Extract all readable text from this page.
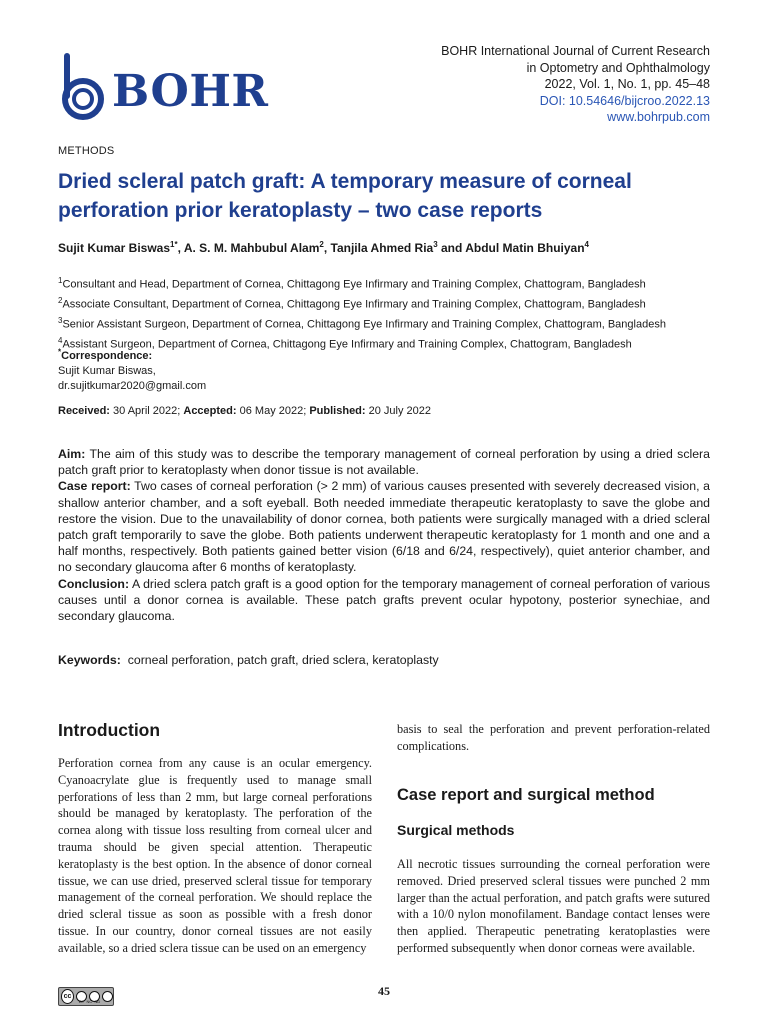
BOHR
BOHR International Journal of Current Research
in Optometry and Ophthalmology
2022, Vol. 1, No. 1, pp. 45–48
DOI: 10.54646/bijcroo.2022.13
www.bohrpub.com
METHODS
Dried scleral patch graft: A temporary measure of corneal perforation prior keratoplasty – two case reports
Sujit Kumar Biswas$^{1*}$, A. S. M. Mahbubul Alam$^2$, Tanjila Ahmed Ria$^3$ and Abdul Matin Bhuiyan$^4$
$^1$Consultant and Head, Department of Cornea, Chittagong Eye Infirmary and Training Complex, Chattogram, Bangladesh
$^2$Associate Consultant, Department of Cornea, Chittagong Eye Infirmary and Training Complex, Chattogram, Bangladesh
$^3$Senior Assistant Surgeon, Department of Cornea, Chittagong Eye Infirmary and Training Complex, Chattogram, Bangladesh
$^4$Assistant Surgeon, Department of Cornea, Chittagong Eye Infirmary and Training Complex, Chattogram, Bangladesh
*Correspondence:
Sujit Kumar Biswas,
dr.sujitkumar2020@gmail.com
Received: 30 April 2022; Accepted: 06 May 2022; Published: 20 July 2022

Aim: The aim of this study was to describe the temporary management of corneal perforation by using a dried sclera patch graft prior to keratoplasty when donor tissue is not available.

Case report: Two cases of corneal perforation (> 2 mm) of various causes presented with severely decreased vision, a shallow anterior chamber, and a soft eyeball. Both needed immediate therapeutic keratoplasty to save the globe and restore the vision. Due to the unavailability of donor cornea, both patients were surgically managed with a dried scleral patch graft temporarily to save the globe. Both patients underwent therapeutic keratoplasty for 1 month and one and a half months, respectively. Both patients gained better vision (6/18 and 6/24, respectively), quiet anterior chamber, and no secondary glaucoma after 6 months of keratoplasty.

Conclusion: A dried sclera patch graft is a good option for the temporary management of corneal perforation of various causes until a donor cornea is available. These patch grafts prevent ocular hypotony, posterior synechiae, and secondary glaucoma.

Keywords:  corneal perforation, patch graft, dried sclera, keratoplasty
Introduction

Perforation cornea from any cause is an ocular emergency. Cyanoacrylate glue is frequently used to manage small perforations of less than 2 mm, but large corneal perforations should be managed by keratoplasty. The perforation of the cornea along with tissue loss resulting from corneal ulcer and trauma should be given special attention. Therapeutic keratoplasty is the best option. In the absence of donor corneal tissue, we can use dried, preserved scleral tissue for temporary management of the corneal perforation. We should replace the dried scleral tissue as soon as possible with a fresh donor tissue. In our country, donor corneal tissues are not easily available, so a dried sclera tissue can be used on an emergency

basis to seal the perforation and prevent perforation-related complications.

Case report and surgical method
Surgical methods

All necrotic tissues surrounding the corneal perforation were removed. Dried preserved scleral tissues were punched 2 mm larger than the actual perforation, and patch grafts were sutured with a 10/0 nylon monofilament. Bandage contact lenses were then applied. Therapeutic penetrating keratoplasties were performed subsequently when donor corneas were available.

cc
BY  NC  ND
45
